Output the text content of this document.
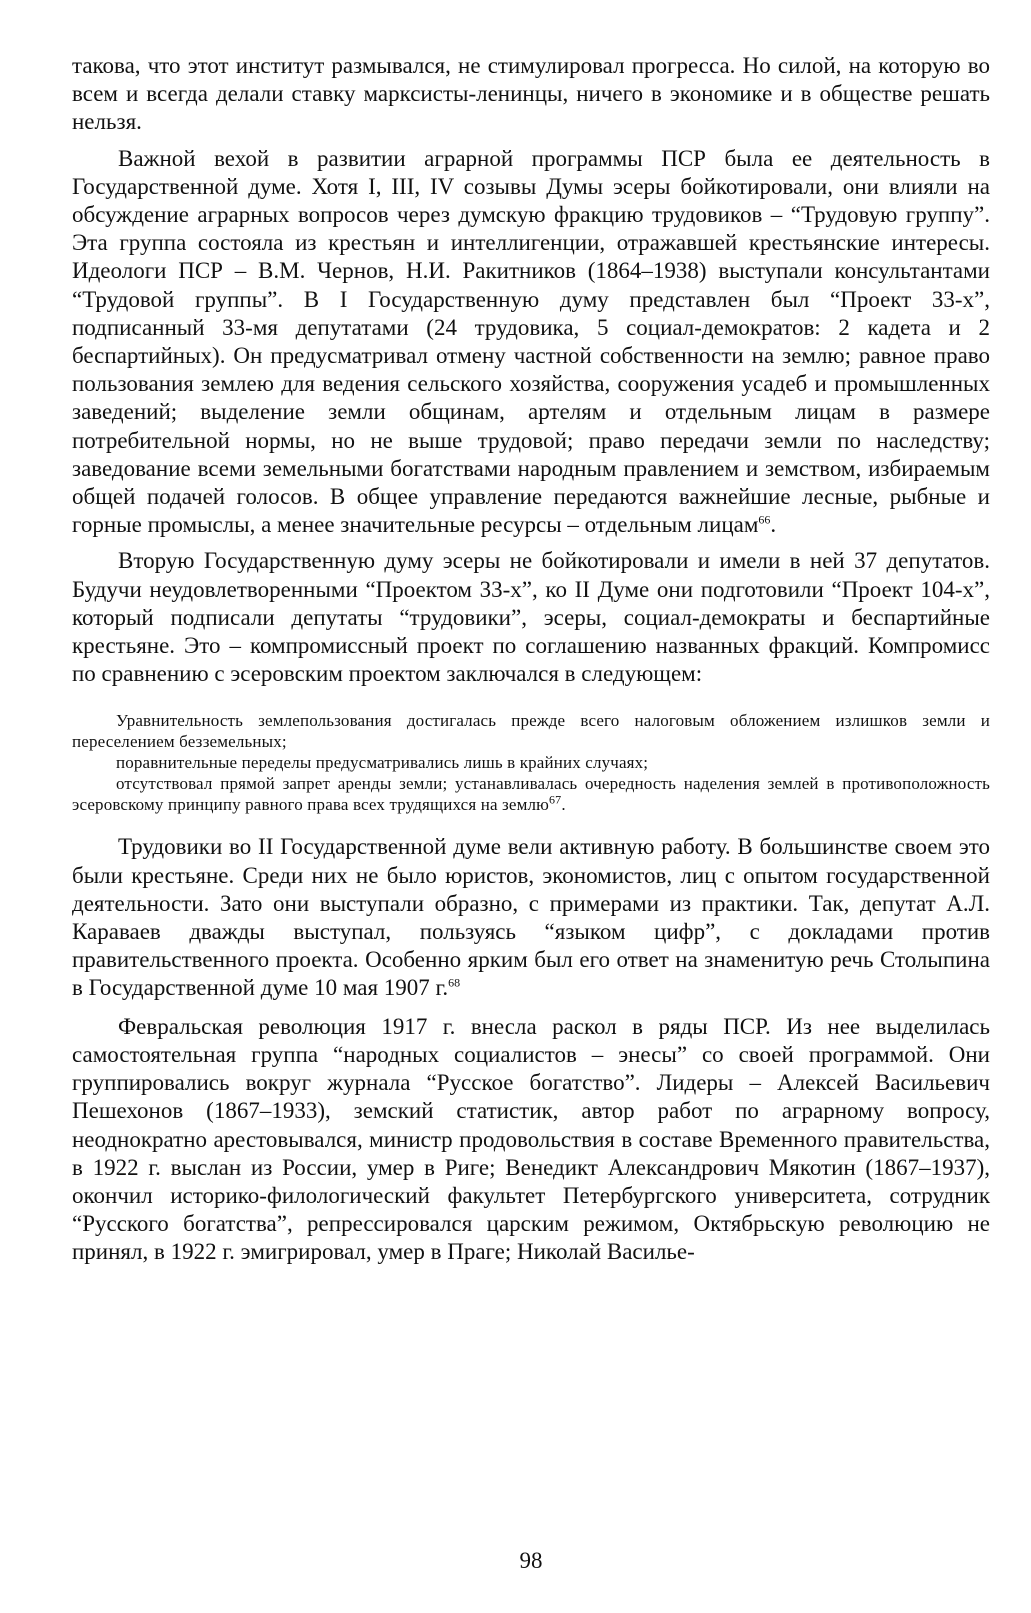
такова, что этот институт размывался, не стимулировал прогресса. Но силой, на которую во всем и всегда делали ставку марксисты-ленинцы, ничего в экономике и в обществе решать нельзя.

Важной вехой в развитии аграрной программы ПСР была ее деятельность в Государственной думе. Хотя I, III, IV созывы Думы эсеры бойкотировали, они влияли на обсуждение аграрных вопросов через думскую фракцию трудовиков – “Трудовую группу”. Эта группа состояла из крестьян и интеллигенции, отражавшей крестьянские интересы. Идеологи ПСР – В.М. Чернов, Н.И. Ракитников (1864–1938) выступали консультантами “Трудовой группы”. В I Государственную думу представлен был “Проект 33-х”, подписанный 33-мя депутатами (24 трудовика, 5 социал-демократов: 2 кадета и 2 беспартийных). Он предусматривал отмену частной собственности на землю; равное право пользования землею для ведения сельского хозяйства, сооружения усадеб и промышленных заведений; выделение земли общинам, артелям и отдельным лицам в размере потребительной нормы, но не выше трудовой; право передачи земли по наследству; заведование всеми земельными богатствами народным правлением и земством, избираемым общей подачей голосов. В общее управление передаются важнейшие лесные, рыбные и горные промыслы, а менее значительные ресурсы – отдельным лицам$^{66}$.

Вторую Государственную думу эсеры не бойкотировали и имели в ней 37 депутатов. Будучи неудовлетворенными “Проектом 33-х”, ко II Думе они подготовили “Проект 104-х”, который подписали депутаты “трудовики”, эсеры, социал-демократы и беспартийные крестьяне. Это – компромиссный проект по соглашению названных фракций. Компромисс по сравнению с эсеровским проектом заключался в следующем:

Уравнительность землепользования достигалась прежде всего налоговым обложением излишков земли и переселением безземельных;

поравнительные переделы предусматривались лишь в крайних случаях;

отсутствовал прямой запрет аренды земли; устанавливалась очередность наделения землей в противоположность эсеровскому принципу равного права всех трудящихся на землю$^{67}$.

Трудовики во II Государственной думе вели активную работу. В большинстве своем это были крестьяне. Среди них не было юристов, экономистов, лиц с опытом государственной деятельности. Зато они выступали образно, с примерами из практики. Так, депутат А.Л. Караваев дважды выступал, пользуясь “языком цифр”, с докладами против правительственного проекта. Особенно ярким был его ответ на знаменитую речь Столыпина в Государственной думе 10 мая 1907 г.$^{68}$

Февральская революция 1917 г. внесла раскол в ряды ПСР. Из нее выделилась самостоятельная группа “народных социалистов – энесы” со своей программой. Они группировались вокруг журнала “Русское богатство”. Лидеры – Алексей Васильевич Пешехонов (1867–1933), земский статистик, автор работ по аграрному вопросу, неоднократно арестовывался, министр продовольствия в составе Временного правительства, в 1922 г. выслан из России, умер в Риге; Венедикт Александрович Мякотин (1867–1937), окончил историко-филологический факультет Петербургского университета, сотрудник “Русского богатства”, репрессировался царским режимом, Октябрьскую революцию не принял, в 1922 г. эмигрировал, умер в Праге; Николай Василье-

98
